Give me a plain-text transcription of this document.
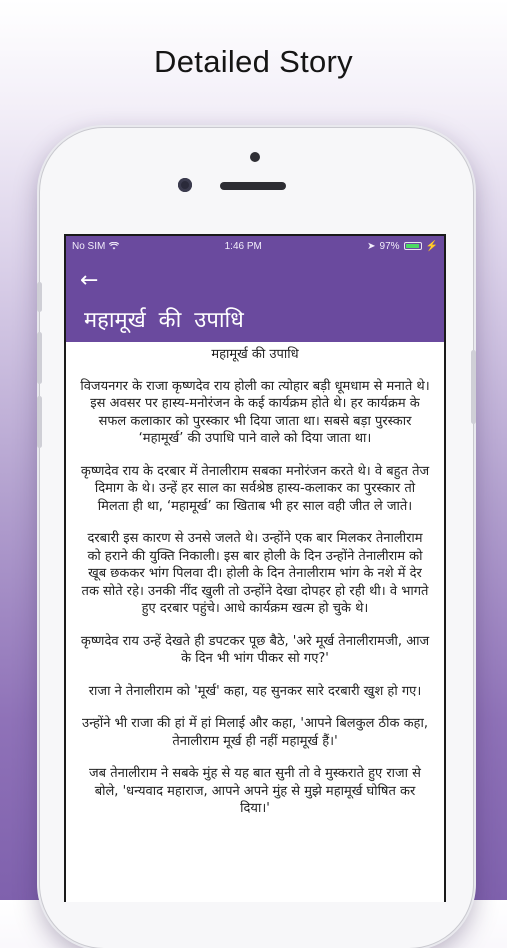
Detailed Story
No SIM	1:46 PM	➤ 97%	⚡
←
महामूर्ख की उपाधि

महामूर्ख की उपाधि

विजयनगर के राजा कृष्णदेव राय होली का त्योहार बड़ी धूमधाम से मनाते थे। इस अवसर पर हास्य-मनोरंजन के कई कार्यक्रम होते थे। हर कार्यक्रम के सफल कलाकार को पुरस्कार भी दिया जाता था। सबसे बड़ा पुरस्कार ‘महामूर्ख’ की उपाधि पाने वाले को दिया जाता था।

कृष्णदेव राय के दरबार में तेनालीराम सबका मनोरंजन करते थे। वे बहुत तेज दिमाग के थे। उन्हें हर साल का सर्वश्रेष्ठ हास्य-कलाकर का पुरस्कार तो मिलता ही था, ‘महामूर्ख’ का खिताब भी हर साल वही जीत ले जाते।

दरबारी इस कारण से उनसे जलते थे। उन्होंने एक बार मिलकर तेनालीराम को हराने की युक्ति निकाली। इस बार होली के दिन उन्होंने तेनालीराम को खूब छककर भांग पिलवा दी। होली के दिन तेनालीराम भांग के नशे में देर तक सोते रहे। उनकी नींद खुली तो उन्होंने देखा दोपहर हो रही थी। वे भागते हुए दरबार पहुंचे। आधे कार्यक्रम खत्म हो चुके थे।

कृष्णदेव राय उन्हें देखते ही डपटकर पूछ बैठे, 'अरे मूर्ख तेनालीरामजी, आज के दिन भी भांग पीकर सो गए?'

राजा ने तेनालीराम को 'मूर्ख' कहा, यह सुनकर सारे दरबारी खुश हो गए।

उन्होंने भी राजा की हां में हां मिलाई और कहा, 'आपने बिलकुल ठीक कहा, तेनालीराम मूर्ख ही नहीं महामूर्ख हैं।'

जब तेनालीराम ने सबके मुंह से यह बात सुनी तो वे मुस्कराते हुए राजा से बोले, 'धन्यवाद महाराज, आपने अपने मुंह से मुझे महामूर्ख घोषित कर दिया।'
